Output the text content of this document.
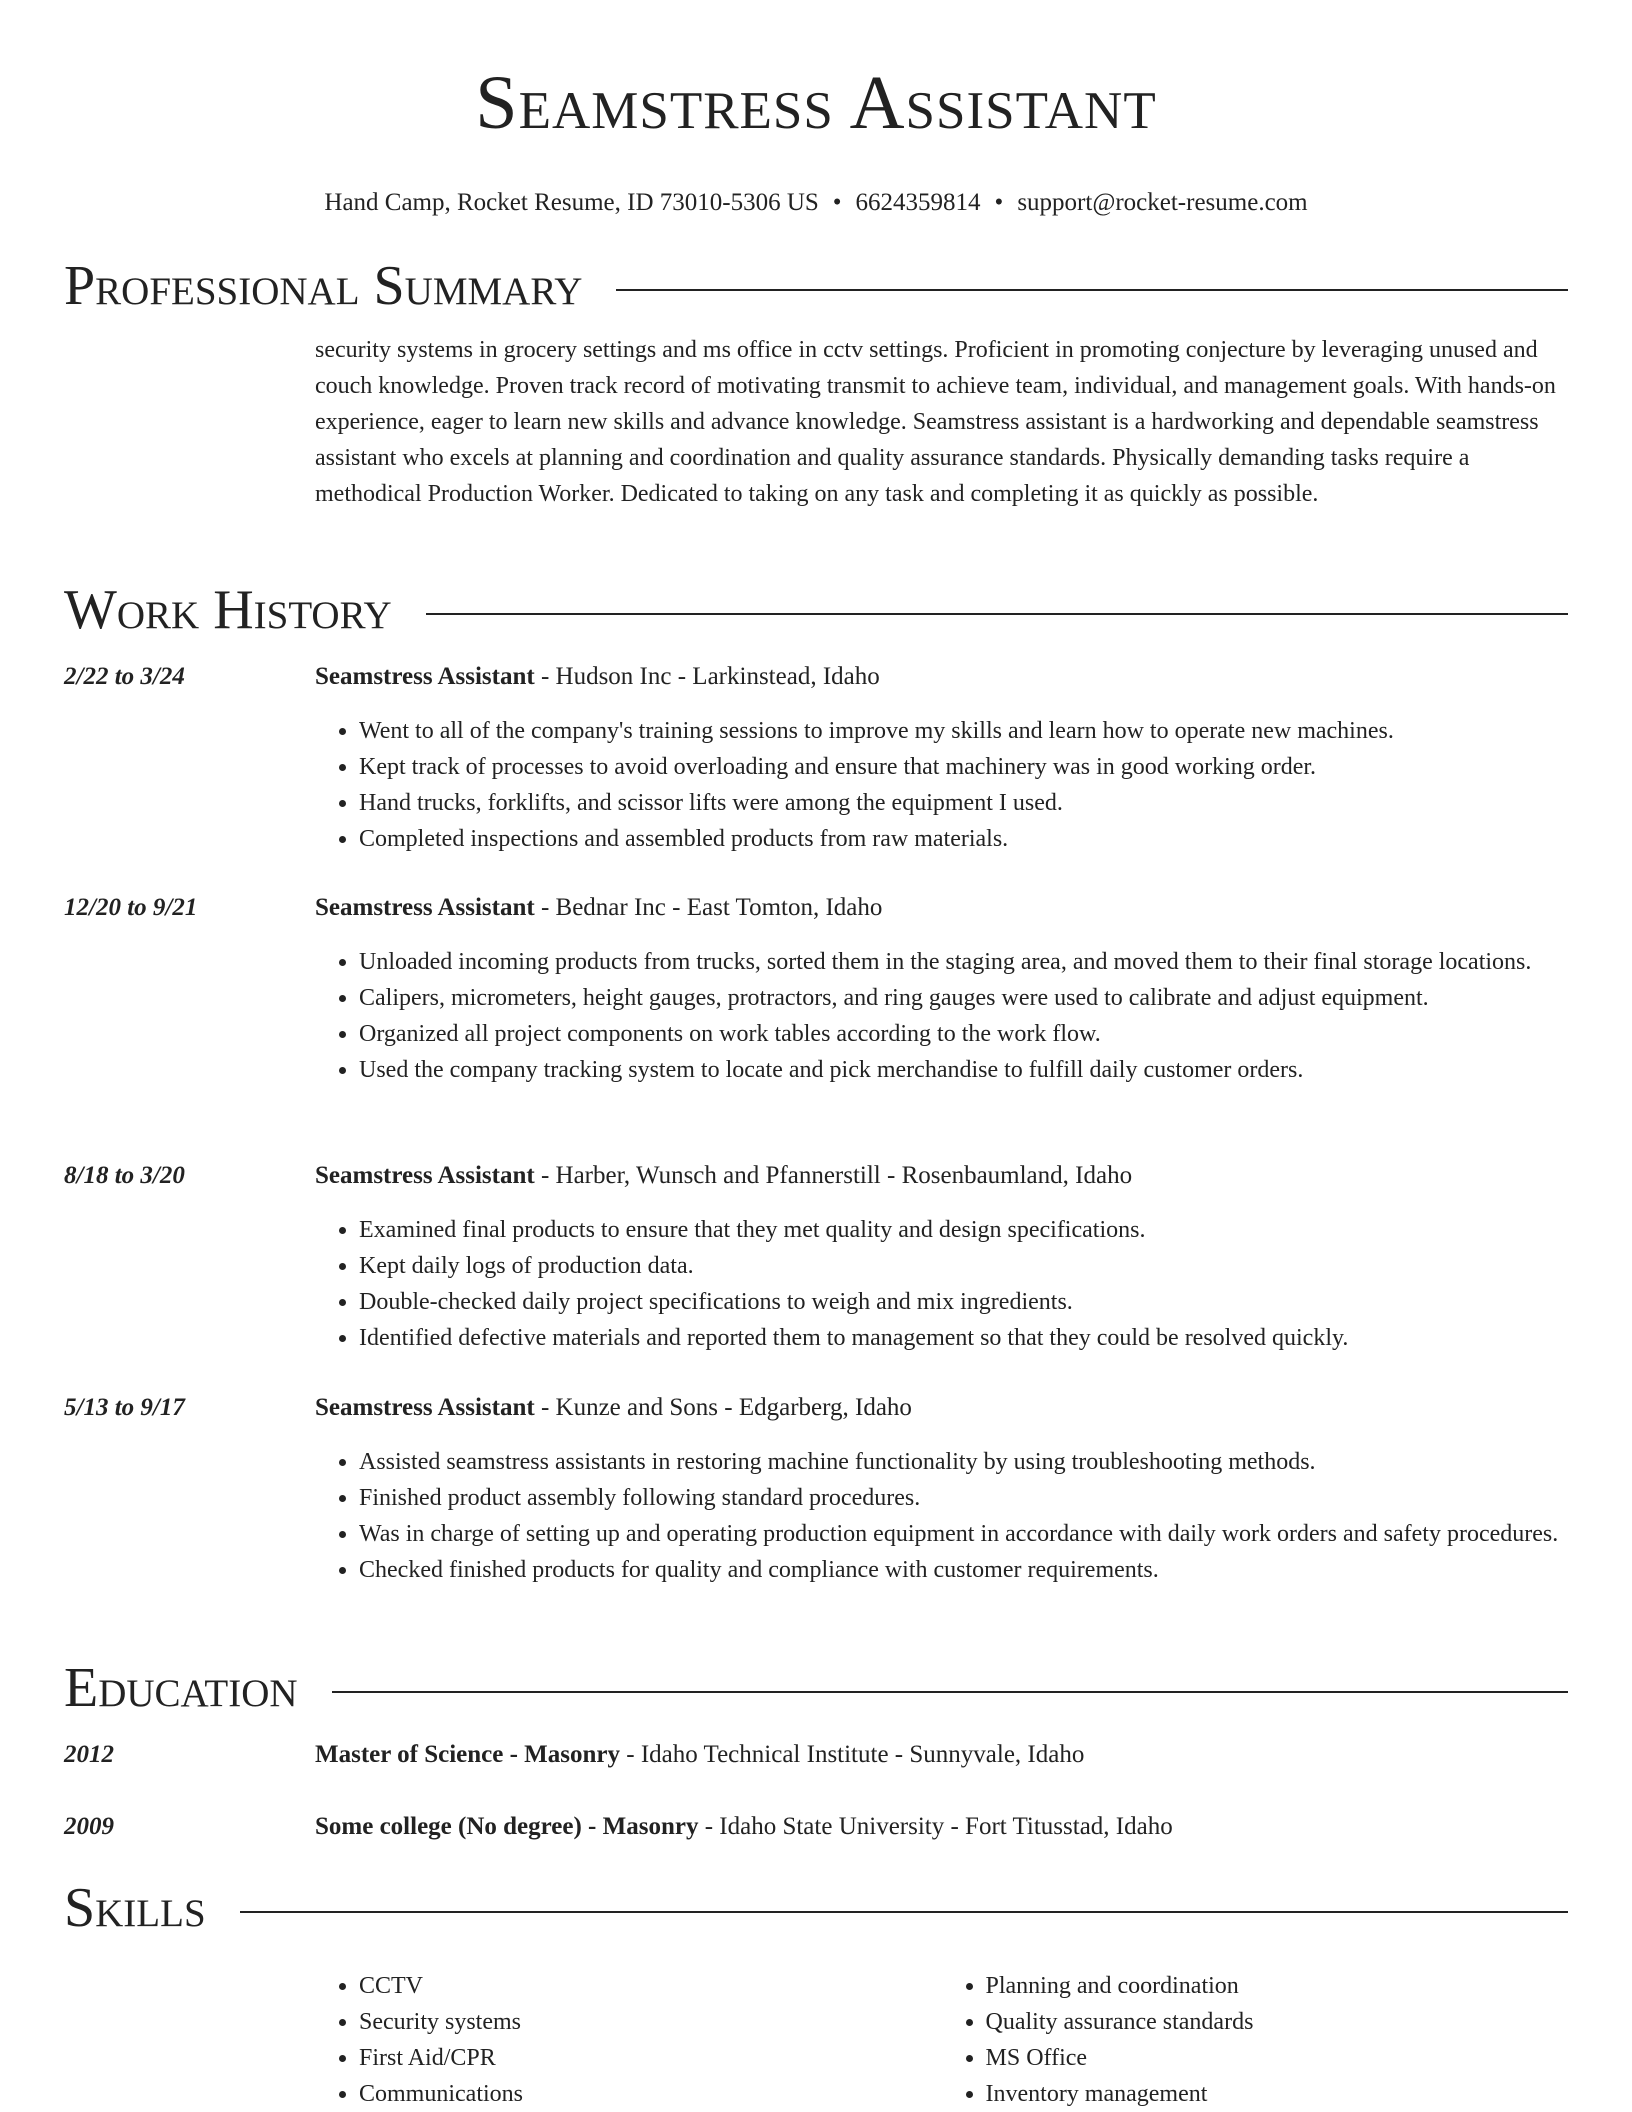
Seamstress Assistant
Hand Camp, Rocket Resume, ID 73010-5306 US • 6624359814 • support@rocket-resume.com
Professional Summary
security systems in grocery settings and ms office in cctv settings. Proficient in promoting conjecture by leveraging unused and couch knowledge. Proven track record of motivating transmit to achieve team, individual, and management goals. With hands-on experience, eager to learn new skills and advance knowledge. Seamstress assistant is a hardworking and dependable seamstress assistant who excels at planning and coordination and quality assurance standards. Physically demanding tasks require a methodical Production Worker. Dedicated to taking on any task and completing it as quickly as possible.
Work History
2/22 to 3/24	Seamstress Assistant - Hudson Inc - Larkinstead, Idaho
• Went to all of the company's training sessions to improve my skills and learn how to operate new machines.
• Kept track of processes to avoid overloading and ensure that machinery was in good working order.
• Hand trucks, forklifts, and scissor lifts were among the equipment I used.
• Completed inspections and assembled products from raw materials.
12/20 to 9/21	Seamstress Assistant - Bednar Inc - East Tomton, Idaho
• Unloaded incoming products from trucks, sorted them in the staging area, and moved them to their final storage locations.
• Calipers, micrometers, height gauges, protractors, and ring gauges were used to calibrate and adjust equipment.
• Organized all project components on work tables according to the work flow.
• Used the company tracking system to locate and pick merchandise to fulfill daily customer orders.
8/18 to 3/20	Seamstress Assistant - Harber, Wunsch and Pfannerstill - Rosenbaumland, Idaho
• Examined final products to ensure that they met quality and design specifications.
• Kept daily logs of production data.
• Double-checked daily project specifications to weigh and mix ingredients.
• Identified defective materials and reported them to management so that they could be resolved quickly.
5/13 to 9/17	Seamstress Assistant - Kunze and Sons - Edgarberg, Idaho
• Assisted seamstress assistants in restoring machine functionality by using troubleshooting methods.
• Finished product assembly following standard procedures.
• Was in charge of setting up and operating production equipment in accordance with daily work orders and safety procedures.
• Checked finished products for quality and compliance with customer requirements.
Education
2012	Master of Science - Masonry - Idaho Technical Institute - Sunnyvale, Idaho
2009	Some college (No degree) - Masonry - Idaho State University - Fort Titusstad, Idaho
Skills
• CCTV
• Security systems
• First Aid/CPR
• Communications
• Planning and coordination
• Quality assurance standards
• MS Office
• Inventory management
